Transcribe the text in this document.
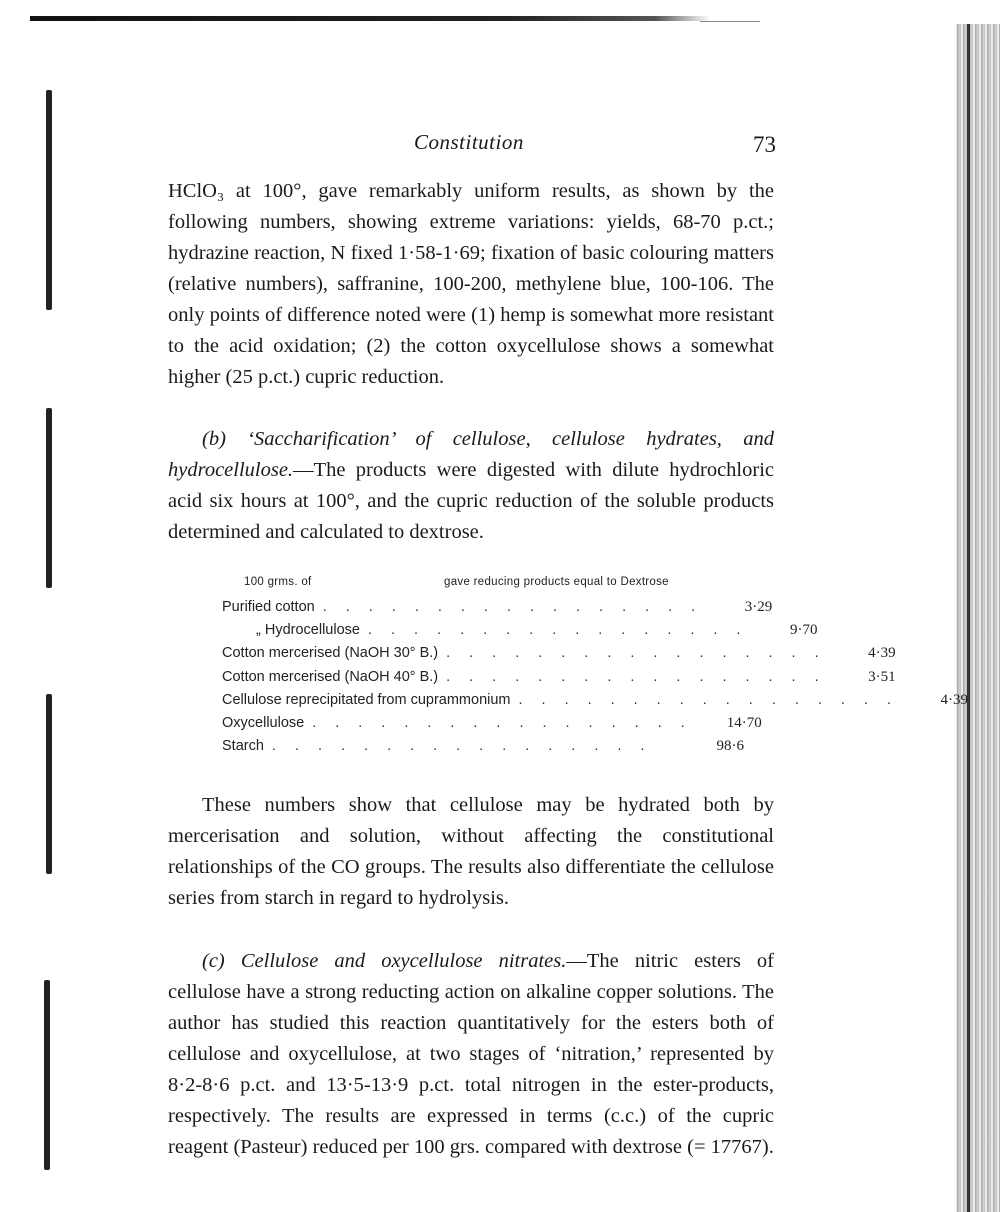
Constitution	73
HClO₃ at 100°, gave remarkably uniform results, as shown by the following numbers, showing extreme variations: yields, 68-70 p.ct.; hydrazine reaction, N fixed 1·58-1·69; fixation of basic colouring matters (relative numbers), saffranine, 100-200, methylene blue, 100-106. The only points of difference noted were (1) hemp is somewhat more resistant to the acid oxidation; (2) the cotton oxycellulose shows a somewhat higher (25 p.ct.) cupric reduction.
(b) ‘Saccharification’ of cellulose, cellulose hydrates, and hydrocellulose.—The products were digested with dilute hydrochloric acid six hours at 100°, and the cupric reduction of the soluble products determined and calculated to dextrose.
100 grms. of	gave reducing products equal to Dextrose
Purified cotton .................	3·29
„ Hydrocellulose .................	9·70
Cotton mercerised (NaOH 30° B.) .................	4·39
Cotton mercerised (NaOH 40° B.) .................	3·51
Cellulose reprecipitated from cuprammonium .................	4·39
Oxycellulose .................	14·70
Starch .................	98·6
These numbers show that cellulose may be hydrated both by mercerisation and solution, without affecting the constitutional relationships of the CO groups. The results also differentiate the cellulose series from starch in regard to hydrolysis.
(c) Cellulose and oxycellulose nitrates.—The nitric esters of cellulose have a strong reducting action on alkaline copper solutions. The author has studied this reaction quantitatively for the esters both of cellulose and oxycellulose, at two stages of ‘nitration,’ represented by 8·2-8·6 p.ct. and 13·5-13·9 p.ct. total nitrogen in the ester-products, respectively. The results are expressed in terms (c.c.) of the cupric reagent (Pasteur) reduced per 100 grs. compared with dextrose (= 17767).
